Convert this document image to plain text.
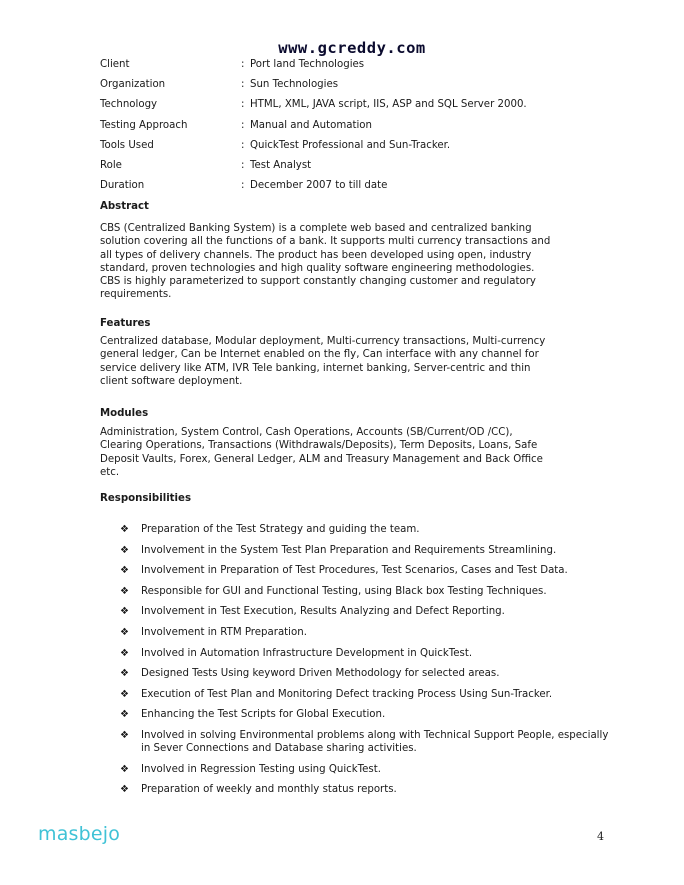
www.gcreddy.com
Client	: Port land Technologies
Organization	: Sun Technologies
Technology	: HTML, XML, JAVA script, IIS, ASP and SQL Server 2000.
Testing Approach	: Manual and Automation
Tools Used	: QuickTest Professional and Sun-Tracker.
Role	: Test Analyst
Duration	: December 2007 to till date
Abstract
CBS (Centralized Banking System) is a complete web based and centralized banking
solution covering all the functions of a bank. It supports multi currency transactions and
all types of delivery channels. The product has been developed using open, industry
standard, proven technologies and high quality software engineering methodologies.
CBS is highly parameterized to support constantly changing customer and regulatory
requirements.
Features
Centralized database, Modular deployment, Multi-currency transactions, Multi-currency
general ledger, Can be Internet enabled on the fly, Can interface with any channel for
service delivery like ATM, IVR Tele banking, internet banking, Server-centric and thin
client software deployment.
Modules
Administration, System Control, Cash Operations, Accounts (SB/Current/OD /CC),
Clearing Operations, Transactions (Withdrawals/Deposits), Term Deposits, Loans, Safe
Deposit Vaults, Forex, General Ledger, ALM and Treasury Management and Back Office
etc.
Responsibilities
❖ Preparation of the Test Strategy and guiding the team.
❖ Involvement in the System Test Plan Preparation and Requirements Streamlining.
❖ Involvement in Preparation of Test Procedures, Test Scenarios, Cases and Test Data.
❖ Responsible for GUI and Functional Testing, using Black box Testing Techniques.
❖ Involvement in Test Execution, Results Analyzing and Defect Reporting.
❖ Involvement in RTM Preparation.
❖ Involved in Automation Infrastructure Development in QuickTest.
❖ Designed Tests Using keyword Driven Methodology for selected areas.
❖ Execution of Test Plan and Monitoring Defect tracking Process Using Sun-Tracker.
❖ Enhancing the Test Scripts for Global Execution.
❖ Involved in solving Environmental problems along with Technical Support People, especially in Sever Connections and Database sharing activities.
❖ Involved in Regression Testing using QuickTest.
❖ Preparation of weekly and monthly status reports.
masbejo	4
